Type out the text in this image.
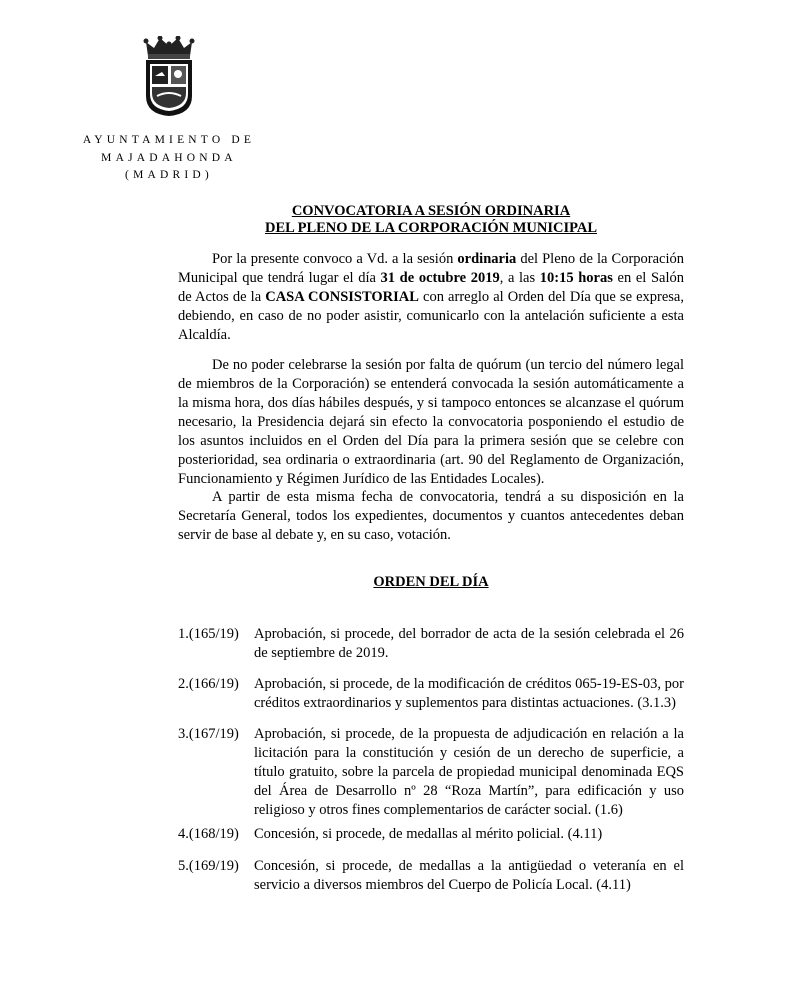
AYUNTAMIENTO DE
MAJADAHONDA
(MADRID)
CONVOCATORIA A SESIÓN ORDINARIA
DEL PLENO DE LA CORPORACIÓN MUNICIPAL

Por la presente convoco a Vd. a la sesión ordinaria del Pleno de la Corporación Municipal que tendrá lugar el día 31 de octubre 2019, a las 10:15 horas en el Salón de Actos de la CASA CONSISTORIAL con arreglo al Orden del Día que se expresa, debiendo, en caso de no poder asistir, comunicarlo con la antelación suficiente a esta Alcaldía.

De no poder celebrarse la sesión por falta de quórum (un tercio del número legal de miembros de la Corporación) se entenderá convocada la sesión automáticamente a la misma hora, dos días hábiles después, y si tampoco entonces se alcanzase el quórum necesario, la Presidencia dejará sin efecto la convocatoria posponiendo el estudio de los asuntos incluidos en el Orden del Día para la primera sesión que se celebre con posterioridad, sea ordinaria o extraordinaria (art. 90 del Reglamento de Organización, Funcionamiento y Régimen Jurídico de las Entidades Locales).

A partir de esta misma fecha de convocatoria, tendrá a su disposición en la Secretaría General, todos los expedientes, documentos y cuantos antecedentes deban servir de base al debate y, en su caso, votación.

ORDEN DEL DÍA
1.(165/19) Aprobación, si procede, del borrador de acta de la sesión celebrada el 26 de septiembre de 2019.
2.(166/19) Aprobación, si procede, de la modificación de créditos 065-19-ES-03, por créditos extraordinarios y suplementos para distintas actuaciones. (3.1.3)
3.(167/19) Aprobación, si procede, de la propuesta de adjudicación en relación a la licitación para la constitución y cesión de un derecho de superficie, a título gratuito, sobre la parcela de propiedad municipal denominada EQS del Área de Desarrollo nº 28 “Roza Martín”, para edificación y uso religioso y otros fines complementarios de carácter social. (1.6)
4.(168/19) Concesión, si procede, de medallas al mérito policial. (4.11)
5.(169/19) Concesión, si procede, de medallas a la antigüedad o veteranía en el servicio a diversos miembros del Cuerpo de Policía Local. (4.11)
